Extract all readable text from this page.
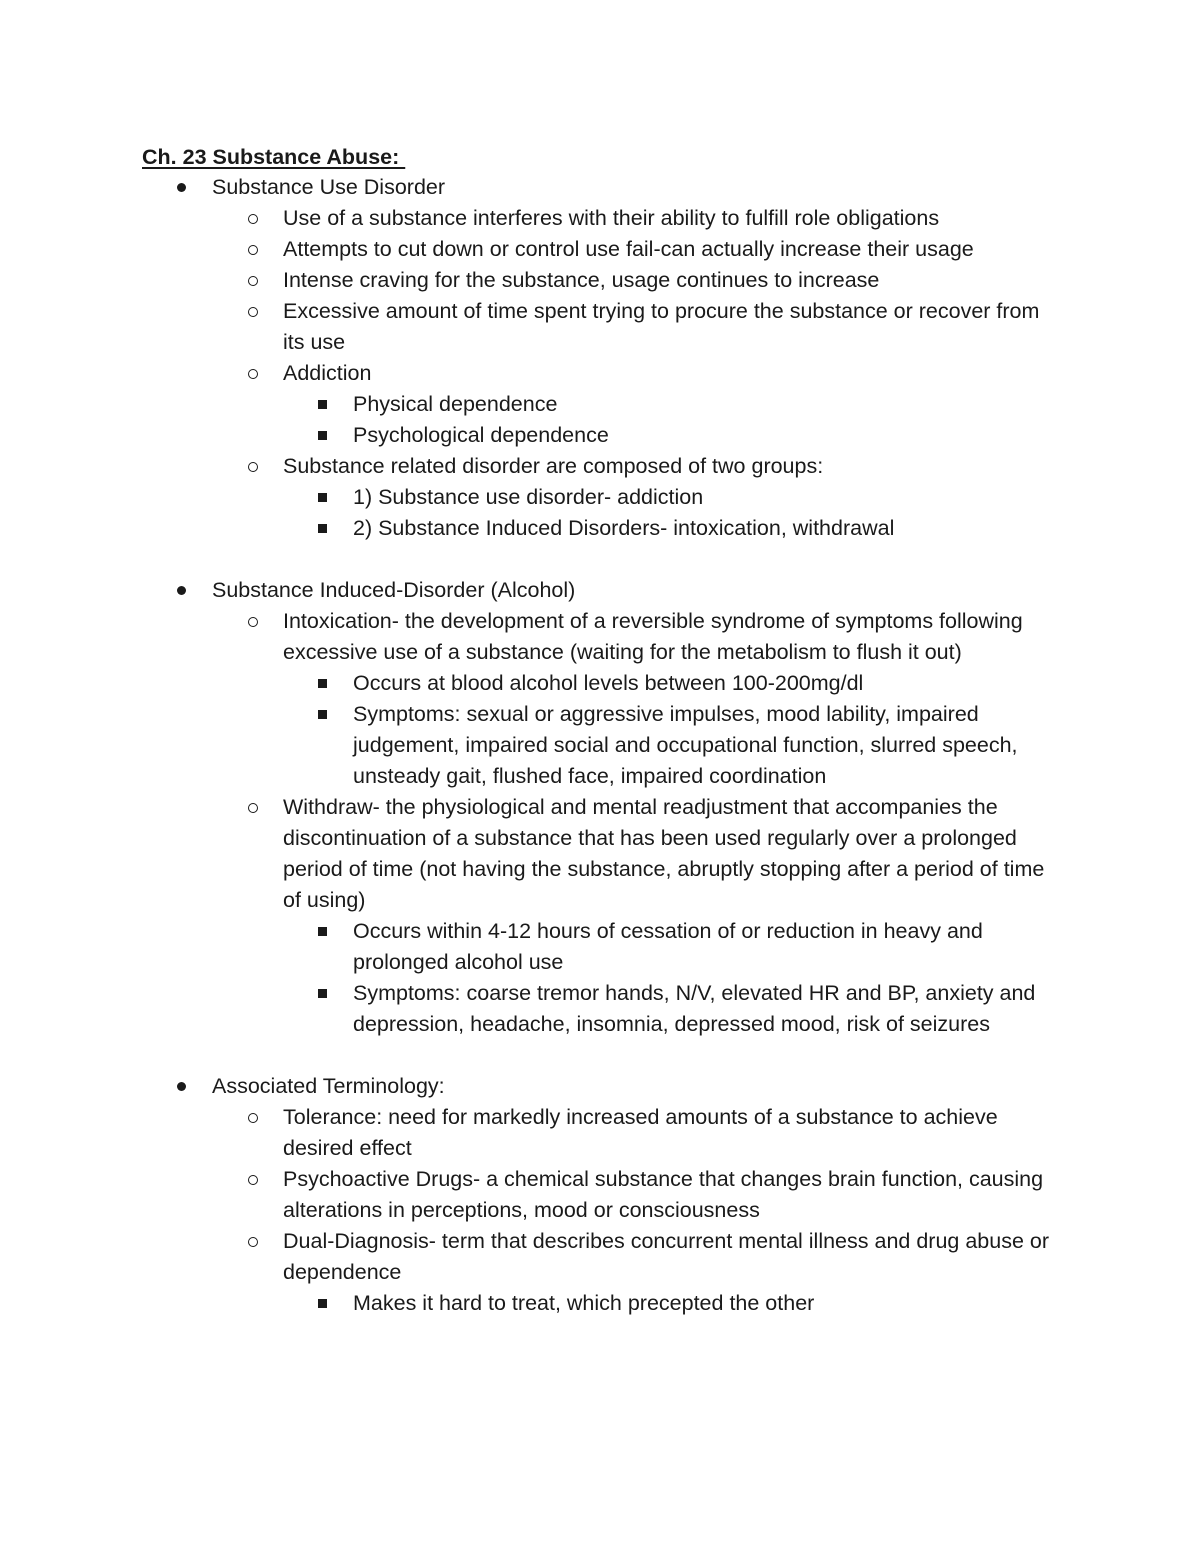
Ch. 23 Substance Abuse:
Substance Use Disorder
Use of a substance interferes with their ability to fulfill role obligations
Attempts to cut down or control use fail-can actually increase their usage
Intense craving for the substance, usage continues to increase
Excessive amount of time spent trying to procure the substance or recover from its use
Addiction
Physical dependence
Psychological dependence
Substance related disorder are composed of two groups:
1) Substance use disorder- addiction
2) Substance Induced Disorders- intoxication, withdrawal
Substance Induced-Disorder (Alcohol)
Intoxication- the development of a reversible syndrome of symptoms following excessive use of a substance (waiting for the metabolism to flush it out)
Occurs at blood alcohol levels between 100-200mg/dl
Symptoms: sexual or aggressive impulses, mood lability, impaired judgement, impaired social and occupational function, slurred speech, unsteady gait, flushed face, impaired coordination
Withdraw- the physiological and mental readjustment that accompanies the discontinuation of a substance that has been used regularly over a prolonged period of time (not having the substance, abruptly stopping after a period of time of using)
Occurs within 4-12 hours of cessation of or reduction in heavy and prolonged alcohol use
Symptoms: coarse tremor hands, N/V, elevated HR and BP, anxiety and depression, headache, insomnia, depressed mood, risk of seizures
Associated Terminology:
Tolerance: need for markedly increased amounts of a substance to achieve desired effect
Psychoactive Drugs- a chemical substance that changes brain function, causing alterations in perceptions, mood or consciousness
Dual-Diagnosis- term that describes concurrent mental illness and drug abuse or dependence
Makes it hard to treat, which precepted the other
